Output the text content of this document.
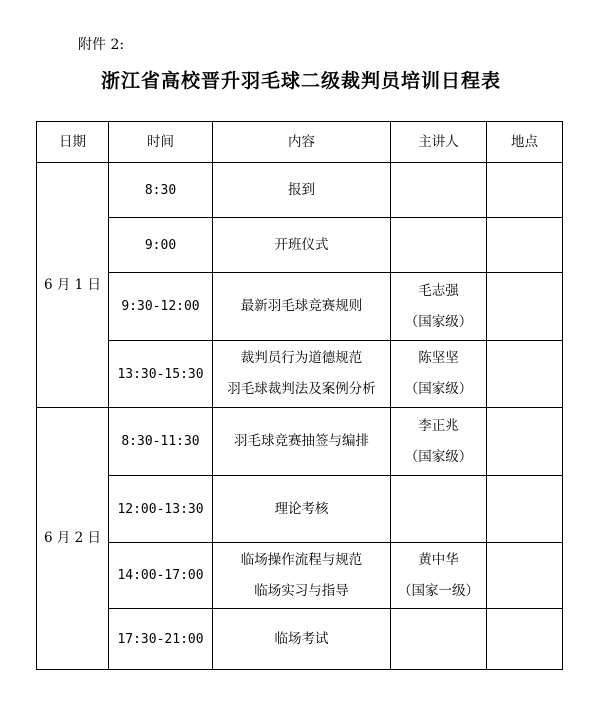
附件 2:
浙江省高校晋升羽毛球二级裁判员培训日程表
日期	时间	内容	主讲人	地点
6 月 1 日	8:30	报到		

	9:00	开班仪式		

	9:30-12:00	最新羽毛球竞赛规则	毛志强
（国家级）	

	13:30-15:30	裁判员行为道德规范
羽毛球裁判法及案例分析	陈坚坚
（国家级）	

6 月 2 日	8:30-11:30	羽毛球竞赛抽签与编排	李正兆
（国家级）	

	12:00-13:30	理论考核		

	14:00-17:00	临场操作流程与规范
临场实习与指导	黄中华
（国家一级）	

	17:30-21:00	临场考试		
